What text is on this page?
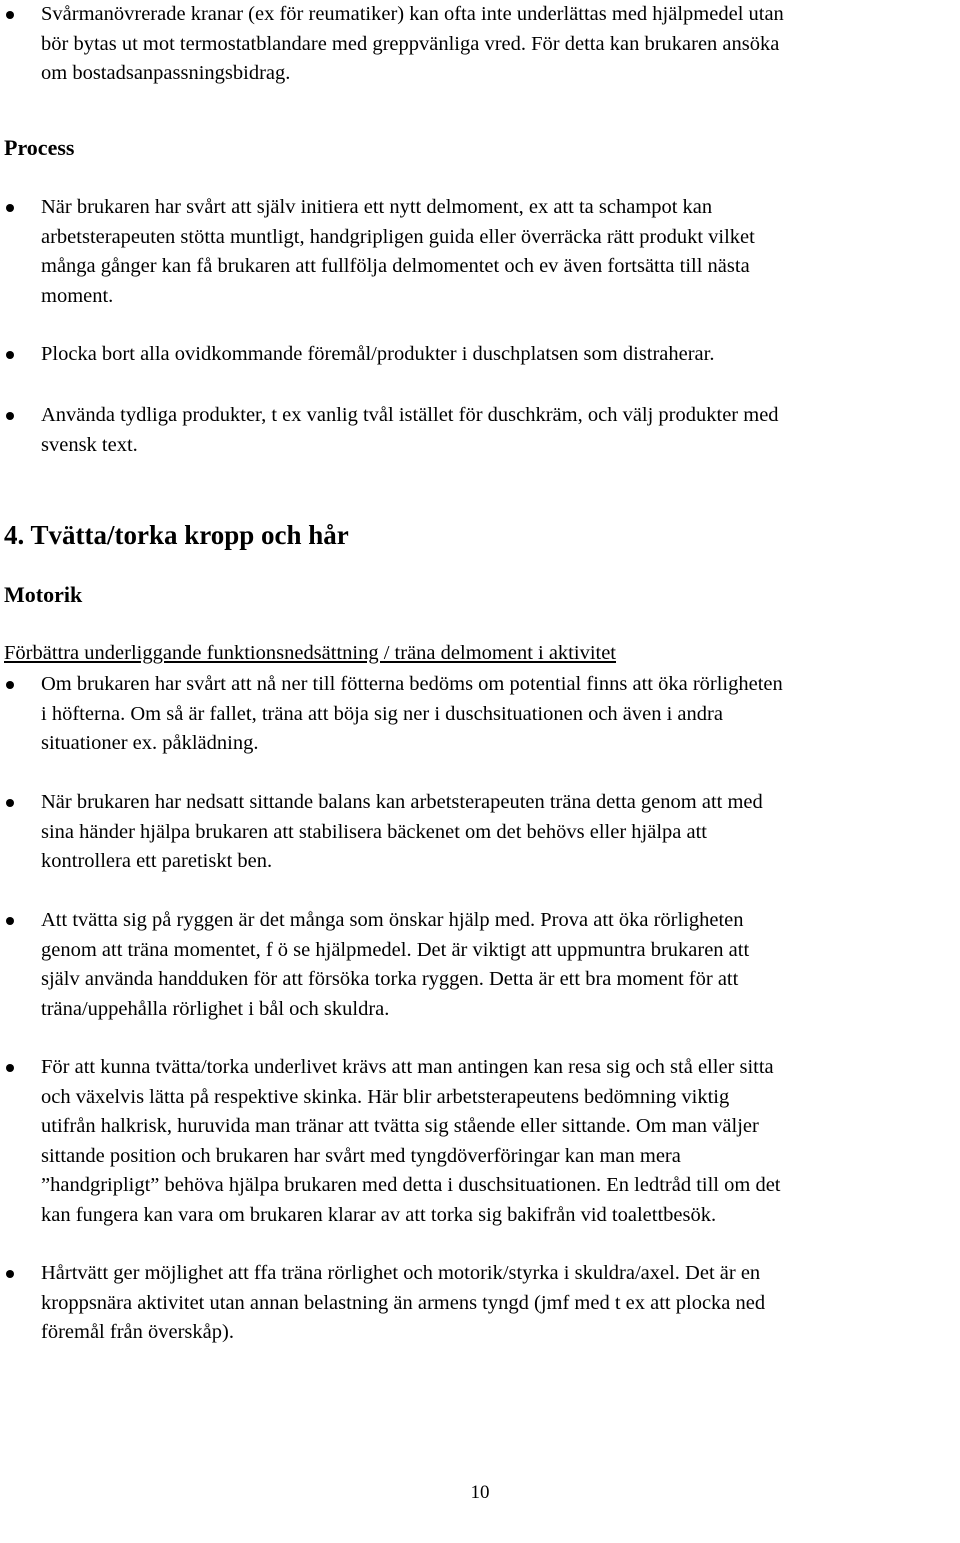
Svårmanövrerade kranar (ex för reumatiker) kan ofta inte underlättas med hjälpmedel utan
bör bytas ut mot termostatblandare med greppvänliga vred. För detta kan brukaren ansöka
om bostadsanpassningsbidrag.
Process
När brukaren har svårt att själv initiera ett nytt delmoment, ex att ta schampot kan
arbetsterapeuten stötta muntligt, handgripligen guida eller överräcka rätt produkt vilket
många gånger kan få brukaren att fullfölja delmomentet och ev även fortsätta till nästa
moment.
Plocka bort alla ovidkommande föremål/produkter i duschplatsen som distraherar.
Använda tydliga produkter, t ex vanlig tvål istället för duschkräm, och välj produkter med
svensk text.
4. Tvätta/torka kropp och hår
Motorik
Förbättra underliggande funktionsnedsättning / träna delmoment i aktivitet
Om brukaren har svårt att nå ner till fötterna bedöms om potential finns att öka rörligheten
i höfterna. Om så är fallet, träna att böja sig ner i duschsituationen och även i andra
situationer ex. påklädning.
När brukaren har nedsatt sittande balans kan arbetsterapeuten träna detta genom att med
sina händer hjälpa brukaren att stabilisera bäckenet om det behövs eller hjälpa att
kontrollera ett paretiskt ben.
Att tvätta sig på ryggen är det många som önskar hjälp med. Prova att öka rörligheten
genom att träna momentet, f ö se hjälpmedel. Det är viktigt att uppmuntra brukaren att
själv använda handduken för att försöka torka ryggen. Detta är ett bra moment för att
träna/uppehålla rörlighet i bål och skuldra.
För att kunna tvätta/torka underlivet krävs att man antingen kan resa sig och stå eller sitta
och växelvis lätta på respektive skinka. Här blir arbetsterapeutens bedömning viktig
utifrån halkrisk, huruvida man tränar att tvätta sig stående eller sittande. Om man väljer
sittande position och brukaren har svårt med tyngdöverföringar kan man mera
”handgripligt” behöva hjälpa brukaren med detta i duschsituationen. En ledtråd till om det
kan fungera kan vara om brukaren klarar av att torka sig bakifrån vid toalettbesök.
Hårtvätt ger möjlighet att ffa träna rörlighet och motorik/styrka i skuldra/axel. Det är en
kroppsnära aktivitet utan annan belastning än armens tyngd (jmf med t ex att plocka ned
föremål från överskåp).
10
